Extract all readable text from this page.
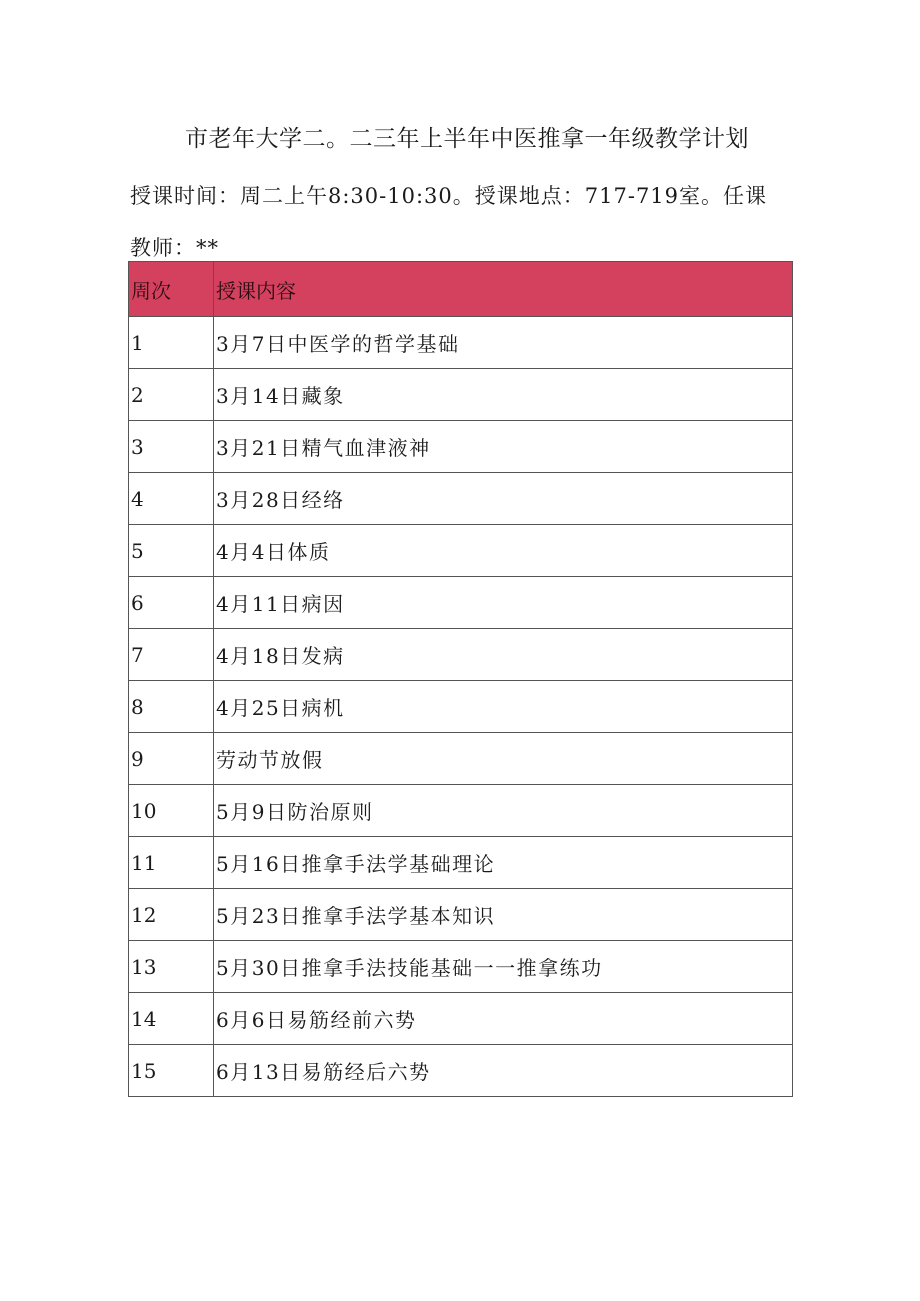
市老年大学二。二三年上半年中医推拿一年级教学计划
授课时间：周二上午8:30-10:30。授课地点：717-719室。任课
教师：**
周次	授课内容
1	3月7日中医学的哲学基础
2	3月14日藏象
3	3月21日精气血津液神
4	3月28日经络
5	4月4日体质
6	4月11日病因
7	4月18日发病
8	4月25日病机
9	劳动节放假
10	5月9日防治原则
11	5月16日推拿手法学基础理论
12	5月23日推拿手法学基本知识
13	5月30日推拿手法技能基础一一推拿练功
14	6月6日易筋经前六势
15	6月13日易筋经后六势
